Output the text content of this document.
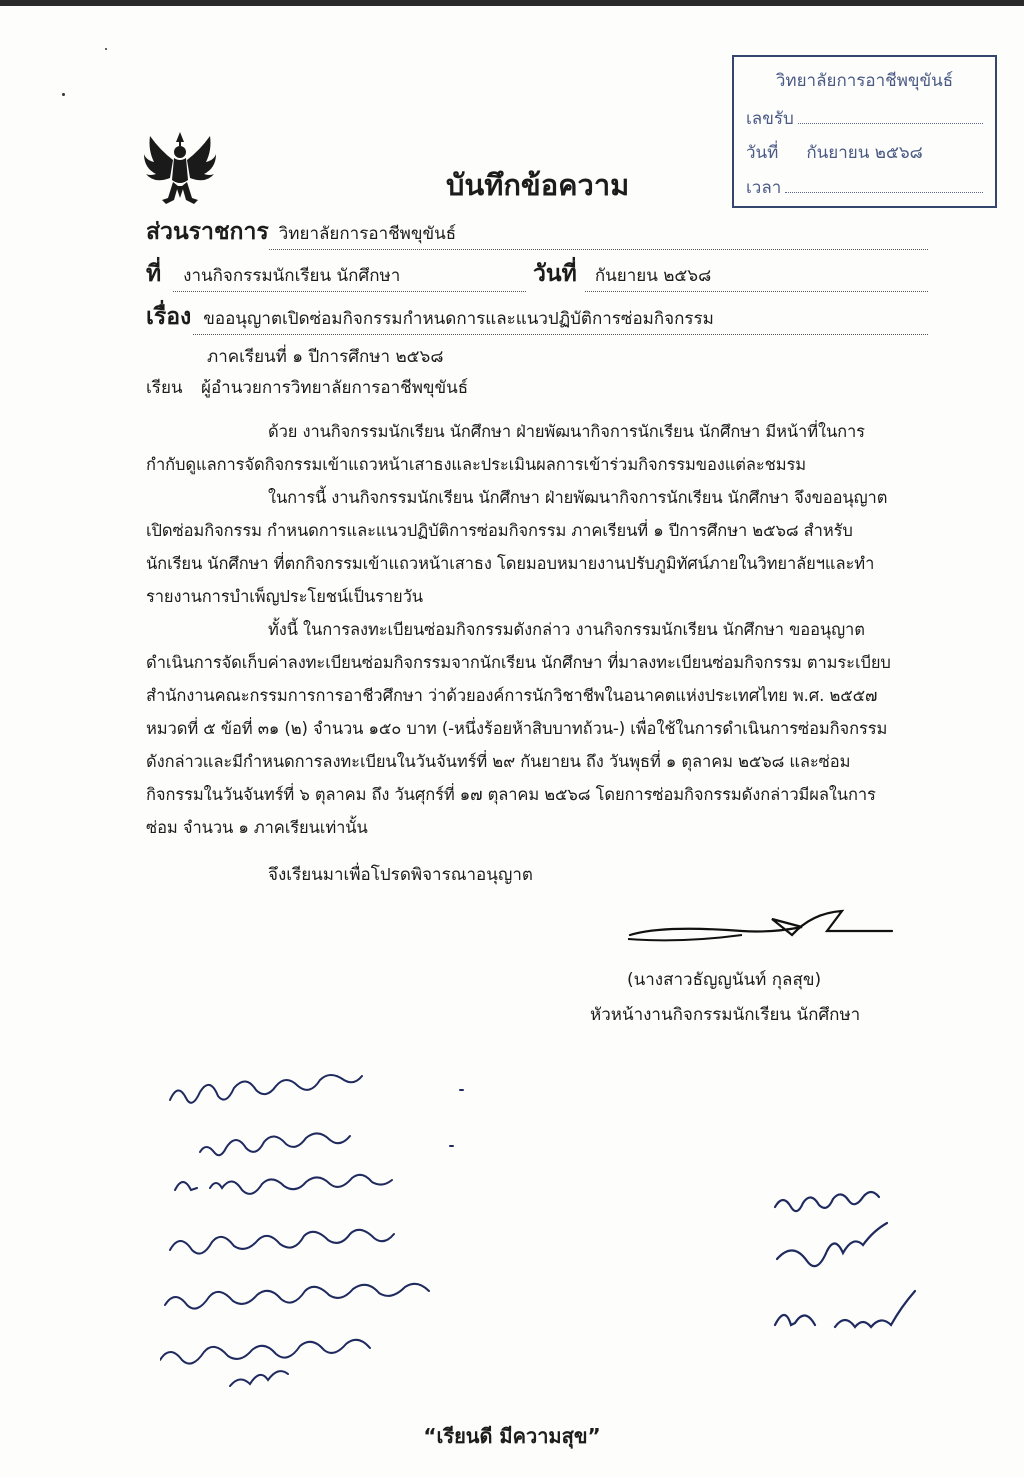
วิทยาลัยการอาชีพขุขันธ์
เลขรับ
วันที่ กันยายน ๒๕๖๘
เวลา
บันทึกข้อความ
ส่วนราชการ วิทยาลัยการอาชีพขุขันธ์
ที่	งานกิจกรรมนักเรียน นักศึกษา	วันที่	กันยายน ๒๕๖๘
เรื่อง ขออนุญาตเปิดซ่อมกิจกรรมกำหนดการและแนวปฏิบัติการซ่อมกิจกรรม
ภาคเรียนที่ ๑ ปีการศึกษา ๒๕๖๘
เรียน ผู้อำนวยการวิทยาลัยการอาชีพขุขันธ์
ด้วย งานกิจกรรมนักเรียน นักศึกษา ฝ่ายพัฒนากิจการนักเรียน นักศึกษา มีหน้าที่ในการ
กำกับดูแลการจัดกิจกรรมเข้าแถวหน้าเสาธงและประเมินผลการเข้าร่วมกิจกรรมของแต่ละชมรม
ในการนี้ งานกิจกรรมนักเรียน นักศึกษา ฝ่ายพัฒนากิจการนักเรียน นักศึกษา จึงขออนุญาต
เปิดซ่อมกิจกรรม กำหนดการและแนวปฏิบัติการซ่อมกิจกรรม ภาคเรียนที่ ๑ ปีการศึกษา ๒๕๖๘ สำหรับ
นักเรียน นักศึกษา ที่ตกกิจกรรมเข้าแถวหน้าเสาธง โดยมอบหมายงานปรับภูมิทัศน์ภายในวิทยาลัยฯและทำ
รายงานการบำเพ็ญประโยชน์เป็นรายวัน
ทั้งนี้ ในการลงทะเบียนซ่อมกิจกรรมดังกล่าว งานกิจกรรมนักเรียน นักศึกษา ขออนุญาต
ดำเนินการจัดเก็บค่าลงทะเบียนซ่อมกิจกรรมจากนักเรียน นักศึกษา ที่มาลงทะเบียนซ่อมกิจกรรม ตามระเบียบ
สำนักงานคณะกรรมการการอาชีวศึกษา ว่าด้วยองค์การนักวิชาชีพในอนาคตแห่งประเทศไทย พ.ศ. ๒๕๕๗
หมวดที่ ๕ ข้อที่ ๓๑ (๒) จำนวน ๑๕๐ บาท (-หนึ่งร้อยห้าสิบบาทถ้วน-) เพื่อใช้ในการดำเนินการซ่อมกิจกรรม
ดังกล่าวและมีกำหนดการลงทะเบียนในวันจันทร์ที่ ๒๙ กันยายน ถึง วันพุธที่ ๑ ตุลาคม ๒๕๖๘ และซ่อม
กิจกรรมในวันจันทร์ที่ ๖ ตุลาคม ถึง วันศุกร์ที่ ๑๗ ตุลาคม ๒๕๖๘ โดยการซ่อมกิจกรรมดังกล่าวมีผลในการ
ซ่อม จำนวน ๑ ภาคเรียนเท่านั้น
จึงเรียนมาเพื่อโปรดพิจารณาอนุญาต
(นางสาวธัญญนันท์ กุลสุข)
หัวหน้างานกิจกรรมนักเรียน นักศึกษา
“เรียนดี มีความสุข”
